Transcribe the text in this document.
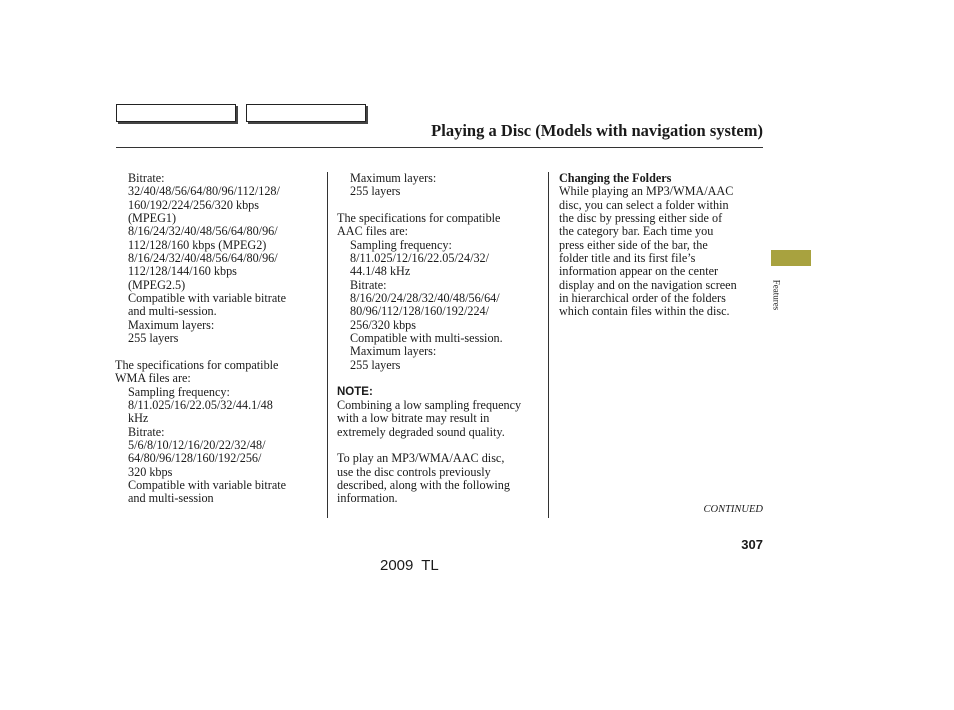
Playing a Disc (Models with navigation system)

Bitrate:

32/40/48/56/64/80/96/112/128/

160/192/224/256/320 kbps

(MPEG1)

8/16/24/32/40/48/56/64/80/96/

112/128/160 kbps (MPEG2)

8/16/24/32/40/48/56/64/80/96/

112/128/144/160 kbps

(MPEG2.5)

Compatible with variable bitrate

and multi-session.

Maximum layers:

255 layers

The specifications for compatible

WMA files are:

Sampling frequency:

8/11.025/16/22.05/32/44.1/48

kHz

Bitrate:

5/6/8/10/12/16/20/22/32/48/

64/80/96/128/160/192/256/

320 kbps

Compatible with variable bitrate

and multi-session

Maximum layers:

255 layers

The specifications for compatible

AAC files are:

Sampling frequency:

8/11.025/12/16/22.05/24/32/

44.1/48 kHz

Bitrate:

8/16/20/24/28/32/40/48/56/64/

80/96/112/128/160/192/224/

256/320 kbps

Compatible with multi-session.

Maximum layers:

255 layers

NOTE:

Combining a low sampling frequency

with a low bitrate may result in

extremely degraded sound quality.

To play an MP3/WMA/AAC disc,

use the disc controls previously

described, along with the following

information.

Changing the Folders

While playing an MP3/WMA/AAC

disc, you can select a folder within

the disc by pressing either side of

the category bar. Each time you

press either side of the bar, the

folder title and its first file’s

information appear on the center

display and on the navigation screen

in hierarchical order of the folders

which contain files within the disc.

Features
CONTINUED
307
2009 TL
